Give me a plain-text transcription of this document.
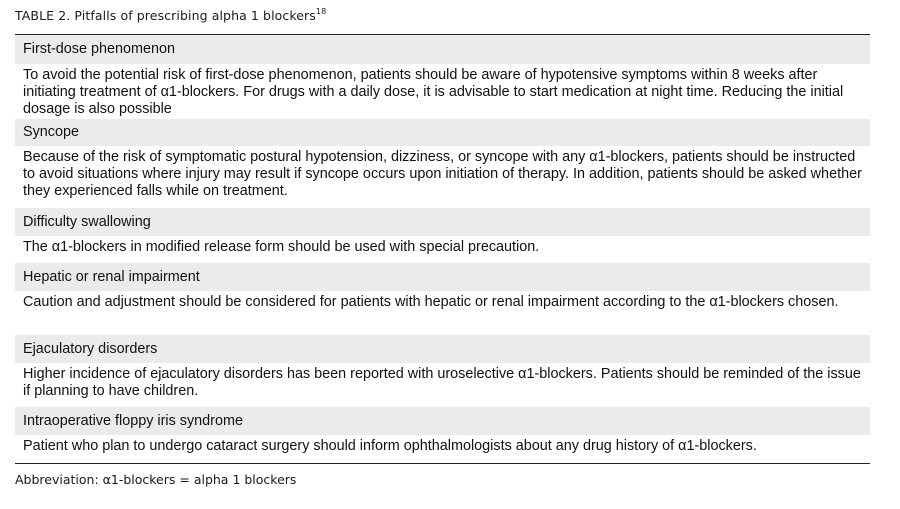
TABLE 2. Pitfalls of prescribing alpha 1 blockers$^{18}$
First-dose phenomenon
To avoid the potential risk of first-dose phenomenon, patients should be aware of hypotensive symptoms within 8 weeks after initiating treatment of α1-blockers. For drugs with a daily dose, it is advisable to start medication at night time. Reducing the initial dosage is also possible
Syncope
Because of the risk of symptomatic postural hypotension, dizziness, or syncope with any α1-blockers, patients should be instructed to avoid situations where injury may result if syncope occurs upon initiation of therapy. In addition, patients should be asked whether they experienced falls while on treatment.
Difficulty swallowing
The α1-blockers in modified release form should be used with special precaution.
Hepatic or renal impairment
Caution and adjustment should be considered for patients with hepatic or renal impairment according to the α1-blockers chosen.
Ejaculatory disorders
Higher incidence of ejaculatory disorders has been reported with uroselective α1-blockers. Patients should be reminded of the issue if planning to have children.
Intraoperative floppy iris syndrome
Patient who plan to undergo cataract surgery should inform ophthalmologists about any drug history of α1-blockers.
Abbreviation: α1-blockers = alpha 1 blockers
